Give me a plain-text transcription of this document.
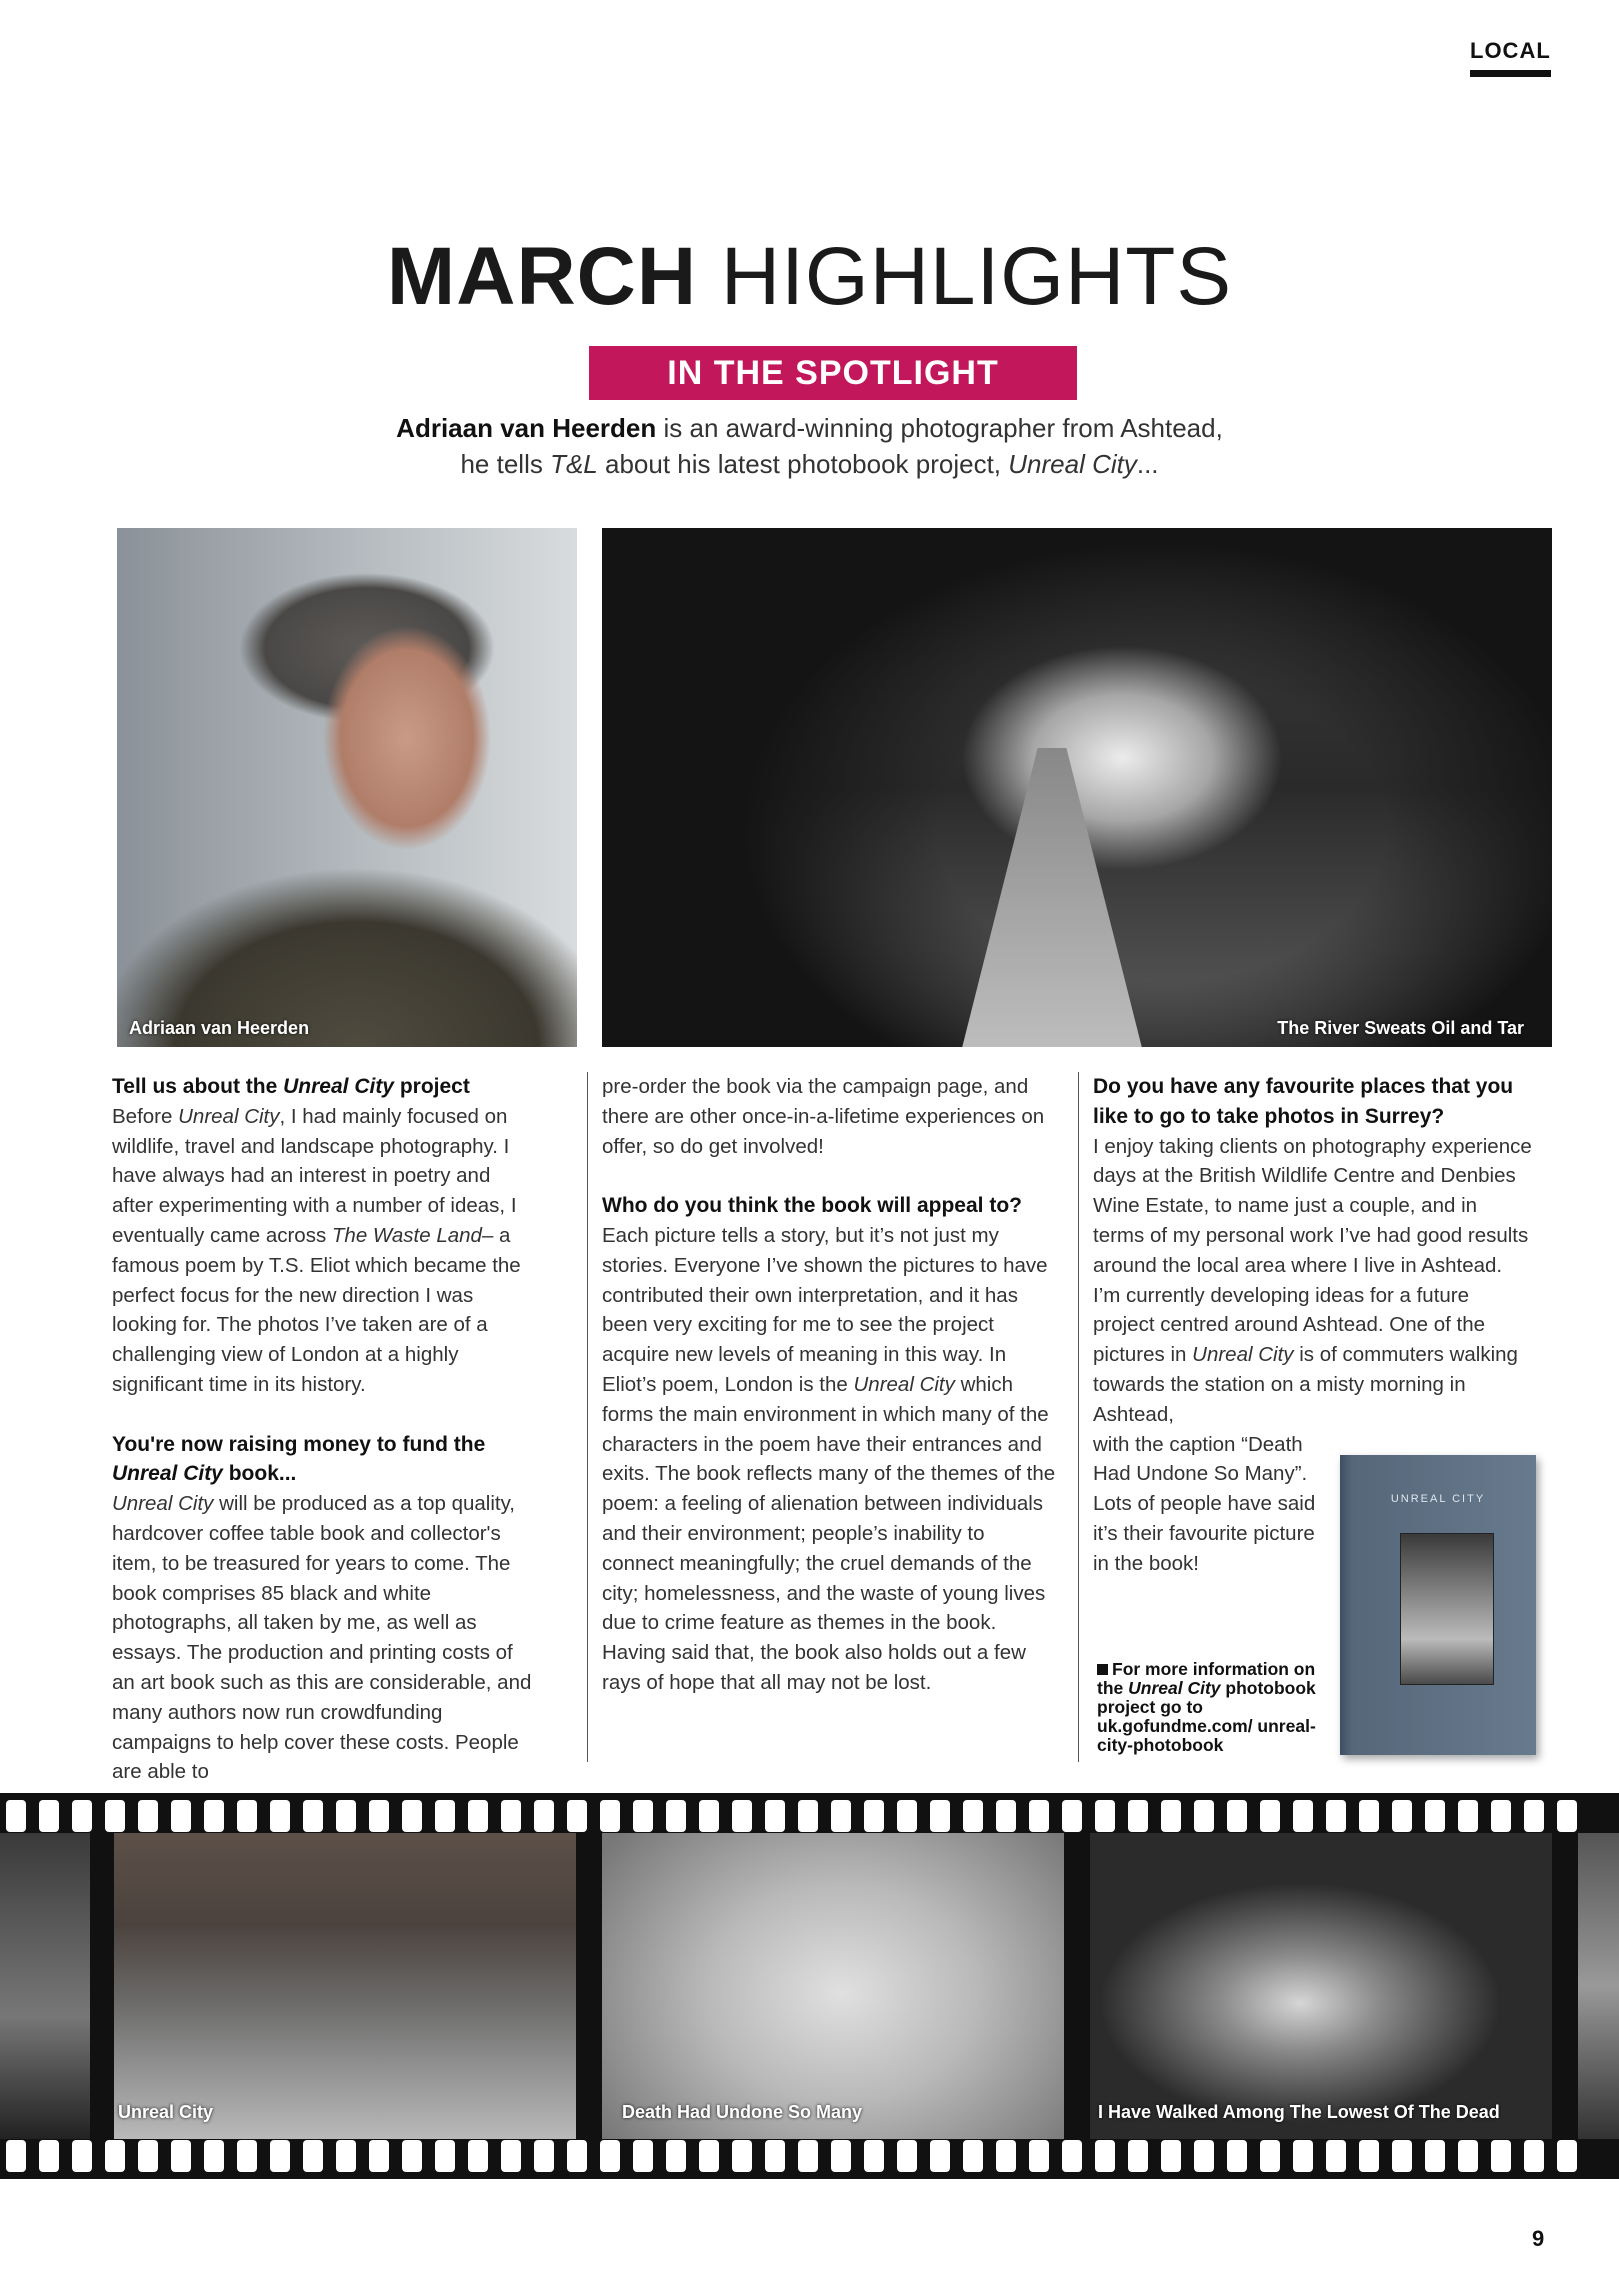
LOCAL
MARCH HIGHLIGHTS
IN THE SPOTLIGHT
Adriaan van Heerden is an award-winning photographer from Ashtead,
he tells T&L about his latest photobook project, Unreal City...
Adriaan van Heerden	The River Sweats Oil and Tar
Tell us about the Unreal City project

Before Unreal City, I had mainly focused on wildlife, travel and landscape photography. I have always had an interest in poetry and after experimenting with a number of ideas, I eventually came across The Waste Land– a famous poem by T.S. Eliot which became the perfect focus for the new direction I was looking for. The photos I’ve taken are of a challenging view of London at a highly significant time in its history.

You're now raising money to fund the Unreal City book...

Unreal City will be produced as a top quality, hardcover coffee table book and collector's item, to be treasured for years to come. The book comprises 85 black and white photographs, all taken by me, as well as essays. The production and printing costs of an art book such as this are considerable, and many authors now run crowdfunding campaigns to help cover these costs. People are able to

pre-order the book via the campaign page, and there are other once-in-a-lifetime experiences on offer, so do get involved!

Who do you think the book will appeal to?

Each picture tells a story, but it’s not just my stories. Everyone I’ve shown the pictures to have contributed their own interpretation, and it has been very exciting for me to see the project acquire new levels of meaning in this way. In Eliot’s poem, London is the Unreal City which forms the main environment in which many of the characters in the poem have their entrances and exits. The book reflects many of the themes of the poem: a feeling of alienation between individuals and their environment; people’s inability to connect meaningfully; the cruel demands of the city; homelessness, and the waste of young lives due to crime feature as themes in the book. Having said that, the book also holds out a few rays of hope that all may not be lost.

Do you have any favourite places that you like to go to take photos in Surrey?

I enjoy taking clients on photography experience days at the British Wildlife Centre and Denbies Wine Estate, to name just a couple, and in terms of my personal work I’ve had good results around the local area where I live in Ashtead. I’m currently developing ideas for a future project centred around Ashtead. One of the pictures in Unreal City is of commuters walking towards the station on a misty morning in Ashtead,

with the caption “Death Had Undone So Many”. Lots of people have said it’s their favourite picture in the book!

For more information on the Unreal City photobook project go to uk.gofundme.com/ unreal-city-photobook
UNREAL CITY
Unreal City	Death Had Undone So Many	I Have Walked Among The Lowest Of The Dead
9
